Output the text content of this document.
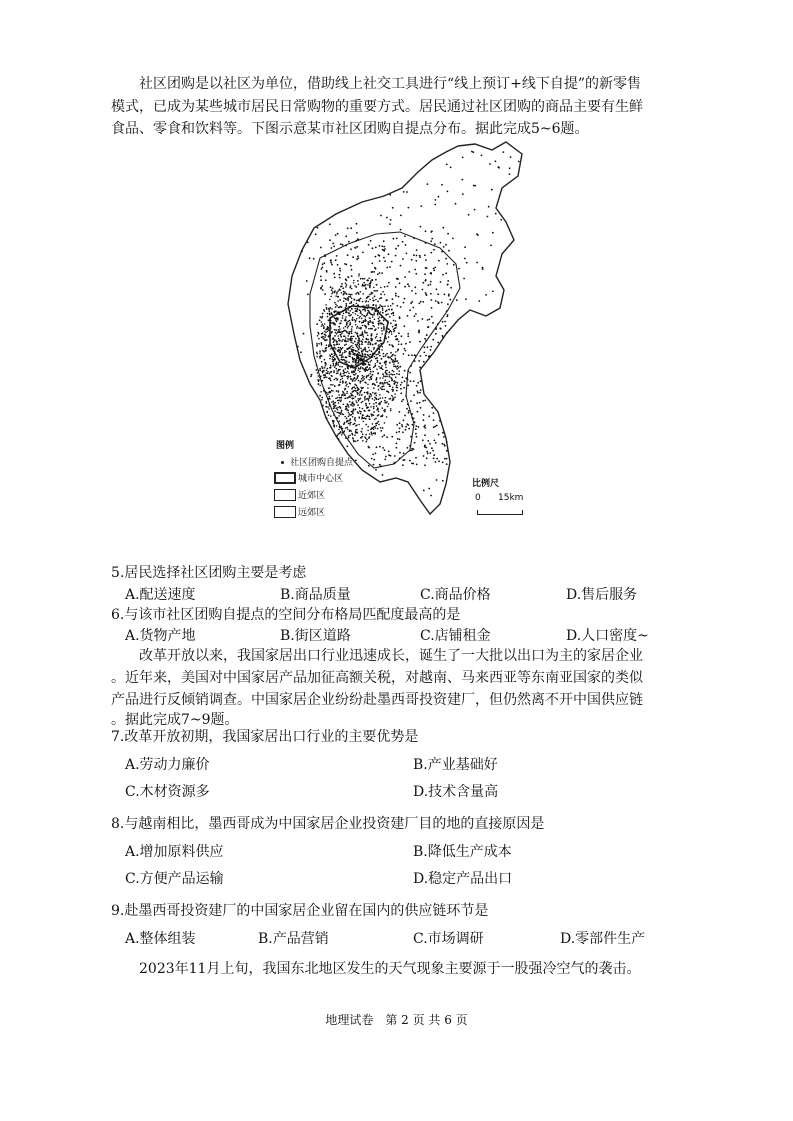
社区团购是以社区为单位，借助线上社交工具进行“线上预订+线下自提”的新零售
模式，已成为某些城市居民日常购物的重要方式。居民通过社区团购的商品主要有生鲜
食品、零食和饮料等。下图示意某市社区团购自提点分布。据此完成5~6题。
图例
社区团购自提点
城市中心区
近郊区
远郊区
比例尺
0 15km
5.居民选择社区团购主要是考虑
A.配送速度	B.商品质量	C.商品价格	D.售后服务
6.与该市社区团购自提点的空间分布格局匹配度最高的是
A.货物产地	B.街区道路	C.店铺租金	D.人口密度~
改革开放以来，我国家居出口行业迅速成长，诞生了一大批以出口为主的家居企业
。近年来，美国对中国家居产品加征高额关税，对越南、马来西亚等东南亚国家的类似
产品进行反倾销调查。中国家居企业纷纷赴墨西哥投资建厂，但仍然离不开中国供应链
。据此完成7~9题。
7.改革开放初期，我国家居出口行业的主要优势是
A.劳动力廉价	B.产业基础好
C.木材资源多	D.技术含量高
8.与越南相比，墨西哥成为中国家居企业投资建厂目的地的直接原因是
A.增加原料供应	B.降低生产成本
C.方便产品运输	D.稳定产品出口
9.赴墨西哥投资建厂的中国家居企业留在国内的供应链环节是
A.整体组装	B.产品营销	C.市场调研	D.零部件生产
2023年11月上旬，我国东北地区发生的天气现象主要源于一股强冷空气的袭击。
地理试卷　第 2 页 共 6 页
